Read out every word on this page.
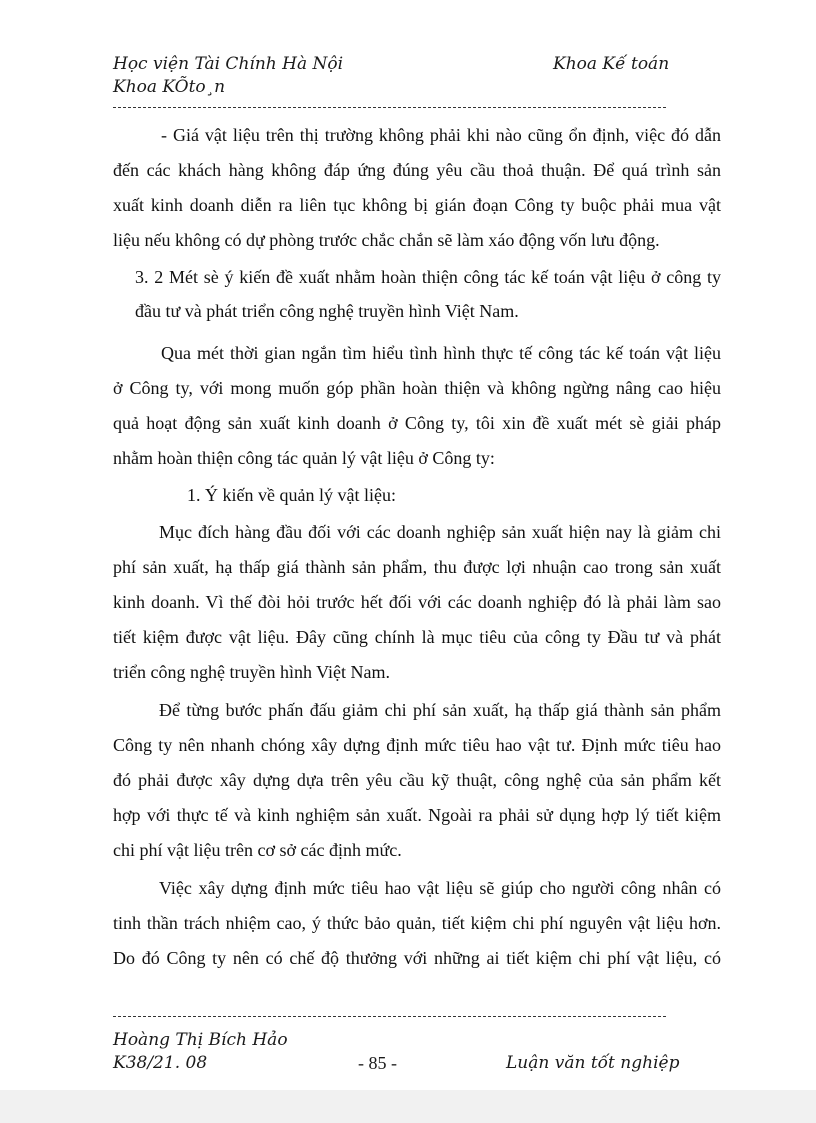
Học viện Tài Chính Hà Nội	Khoa Kế toán
Khoa KÕto¸n
- Giá vật liệu trên thị trường không phải khi nào cũng ổn định, việc đó dẫn
đến các khách hàng không đáp ứng đúng yêu cầu thoả thuận. Để quá trình sản
xuất kinh doanh diễn ra liên tục không bị gián đoạn Công ty buộc phải mua vật
liệu nếu không có dự phòng trước chắc chắn sẽ làm xáo động vốn lưu động.
3. 2 Mét sè ý kiến đề xuất nhằm hoàn thiện công tác kế toán vật liệu ở công ty
đầu tư và phát triển công nghệ truyền hình Việt Nam.
Qua mét thời gian ngắn tìm hiểu tình hình thực tế công tác kế toán vật liệu
ở Công ty, với mong muốn góp phần hoàn thiện và không ngừng nâng cao hiệu
quả hoạt động sản xuất kinh doanh ở Công ty, tôi xin đề xuất mét sè giải pháp
nhằm hoàn thiện công tác quản lý vật liệu ở Công ty:
1. Ý kiến về quản lý vật liệu:
Mục đích hàng đầu đối với các doanh nghiệp sản xuất hiện nay là giảm chi
phí sản xuất, hạ thấp giá thành sản phẩm, thu được lợi nhuận cao trong sản xuất
kinh doanh. Vì thế đòi hỏi trước hết đối với các doanh nghiệp đó là phải làm sao
tiết kiệm được vật liệu. Đây cũng chính là mục tiêu của công ty Đầu tư và phát
triển công nghệ truyền hình Việt Nam.
Để từng bước phấn đấu giảm chi phí sản xuất, hạ thấp giá thành sản phẩm
Công ty nên nhanh chóng xây dựng định mức tiêu hao vật tư. Định mức tiêu hao
đó phải được xây dựng dựa trên yêu cầu kỹ thuật, công nghệ của sản phẩm kết
hợp với thực tế và kinh nghiệm sản xuất. Ngoài ra phải sử dụng hợp lý tiết kiệm
chi phí vật liệu trên cơ sở các định mức.
Việc xây dựng định mức tiêu hao vật liệu sẽ giúp cho người công nhân có
tinh thần trách nhiệm cao, ý thức bảo quản, tiết kiệm chi phí nguyên vật liệu hơn.
Do đó Công ty nên có chế độ thưởng với những ai tiết kiệm chi phí vật liệu, có
Hoàng Thị Bích Hảo
K38/21. 08	- 85 -	Luận văn tốt nghiệp
